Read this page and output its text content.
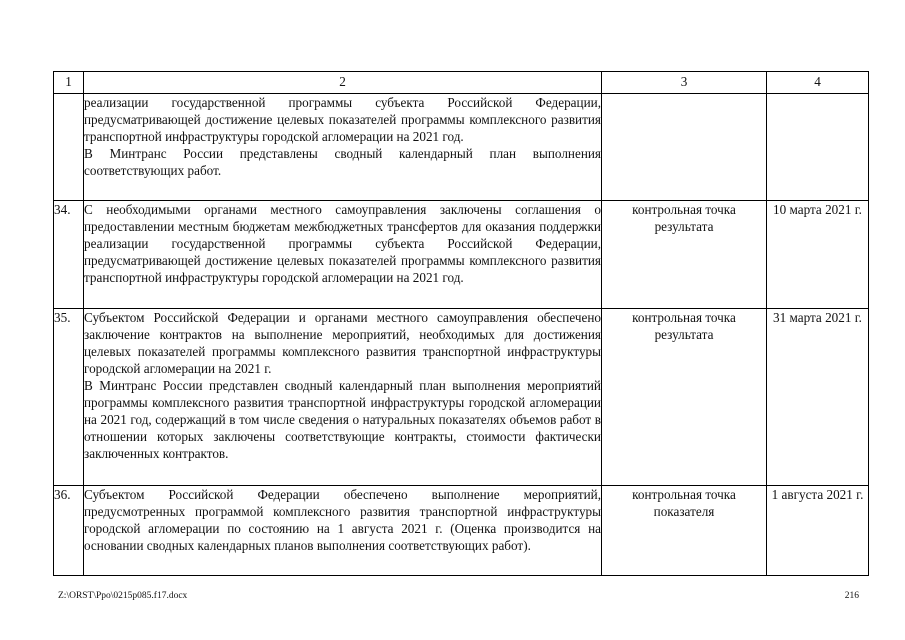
1	2	3	4

	реализации государственной программы субъекта Российской Федерации, предусматривающей достижение целевых показателей программы комплексного развития транспортной инфраструктуры городской агломерации на 2021 год.

В Минтранс России представлены сводный календарный план выполнения соответствующих работ.		

34.	С необходимыми органами местного самоуправления заключены соглашения о предоставлении местным бюджетам межбюджетных трансфертов для оказания поддержки реализации государственной программы субъекта Российской Федерации, предусматривающей достижение целевых показателей программы комплексного развития транспортной инфраструктуры городской агломерации на 2021 год.	контрольная точка результата	10 марта 2021 г.
35.	Субъектом Российской Федерации и органами местного самоуправления обеспечено заключение контрактов на выполнение мероприятий, необходимых для достижения целевых показателей программы комплексного развития транспортной инфраструктуры городской агломерации на 2021 г.

В Минтранс России представлен сводный календарный план выполнения мероприятий программы комплексного развития транспортной инфраструктуры городской агломерации на 2021 год, содержащий в том числе сведения о натуральных показателях объемов работ в отношении которых заключены соответствующие контракты, стоимости фактически заключенных контрактов.	контрольная точка результата	31 марта 2021 г.
36.	Субъектом Российской Федерации обеспечено выполнение мероприятий, предусмотренных программой комплексного развития транспортной инфраструктуры городской агломерации по состоянию на 1 августа 2021 г. (Оценка производится на основании сводных календарных планов выполнения соответствующих работ).	контрольная точка показателя	1 августа 2021 г.
Z:\ORST\Ppo\0215p085.f17.docx	216
